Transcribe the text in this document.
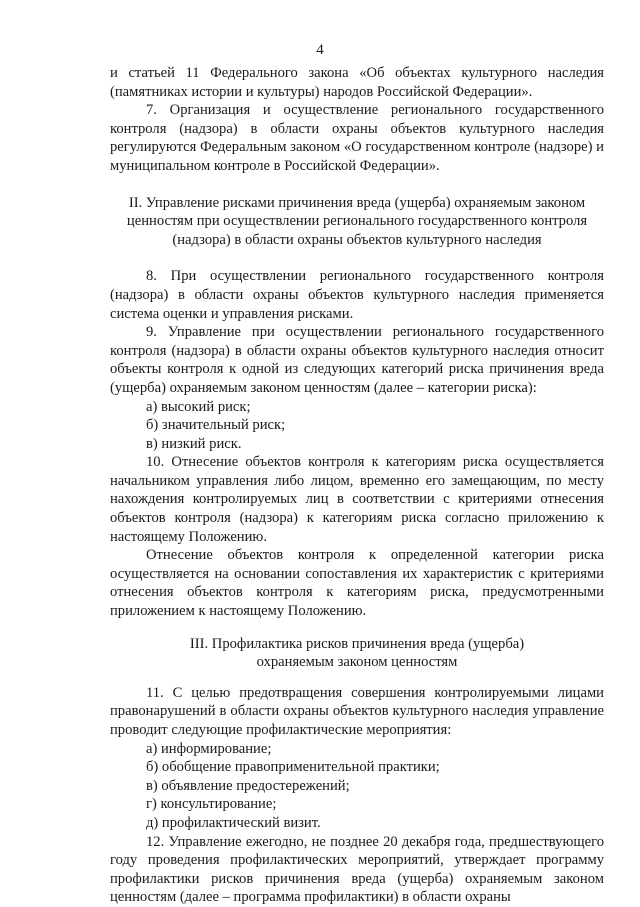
4

и статьей 11 Федерального закона «Об объектах культурного наследия (памятниках истории и культуры) народов Российской Федерации».

7. Организация и осуществление регионального государственного контроля (надзора) в области охраны объектов культурного наследия регулируются Федеральным законом «О государственном контроле (надзоре) и муниципальном контроле в Российской Федерации».

II. Управление рисками причинения вреда (ущерба) охраняемым законом ценностям при осуществлении регионального государственного контроля (надзора) в области охраны объектов культурного наследия

8. При осуществлении регионального государственного контроля (надзора) в области охраны объектов культурного наследия применяется система оценки и управления рисками.

9. Управление при осуществлении регионального государственного контроля (надзора) в области охраны объектов культурного наследия относит объекты контроля к одной из следующих категорий риска причинения вреда (ущерба) охраняемым законом ценностям (далее – категории риска):

а) высокий риск;

б) значительный риск;

в) низкий риск.

10. Отнесение объектов контроля к категориям риска осуществляется начальником управления либо лицом, временно его замещающим, по месту нахождения контролируемых лиц в соответствии с критериями отнесения объектов контроля (надзора) к категориям риска согласно приложению к настоящему Положению.

Отнесение объектов контроля к определенной категории риска осуществляется на основании сопоставления их характеристик с критериями отнесения объектов контроля к категориям риска, предусмотренными приложением к настоящему Положению.

III. Профилактика рисков причинения вреда (ущерба)

охраняемым законом ценностям

11. С целью предотвращения совершения контролируемыми лицами правонарушений в области охраны объектов культурного наследия управление проводит следующие профилактические мероприятия:

а) информирование;

б) обобщение правоприменительной практики;

в) объявление предостережений;

г) консультирование;

д) профилактический визит.

12. Управление ежегодно, не позднее 20 декабря года, предшествующего году проведения профилактических мероприятий, утверждает программу профилактики рисков причинения вреда (ущерба) охраняемым законом ценностям (далее – программа профилактики) в области охраны
